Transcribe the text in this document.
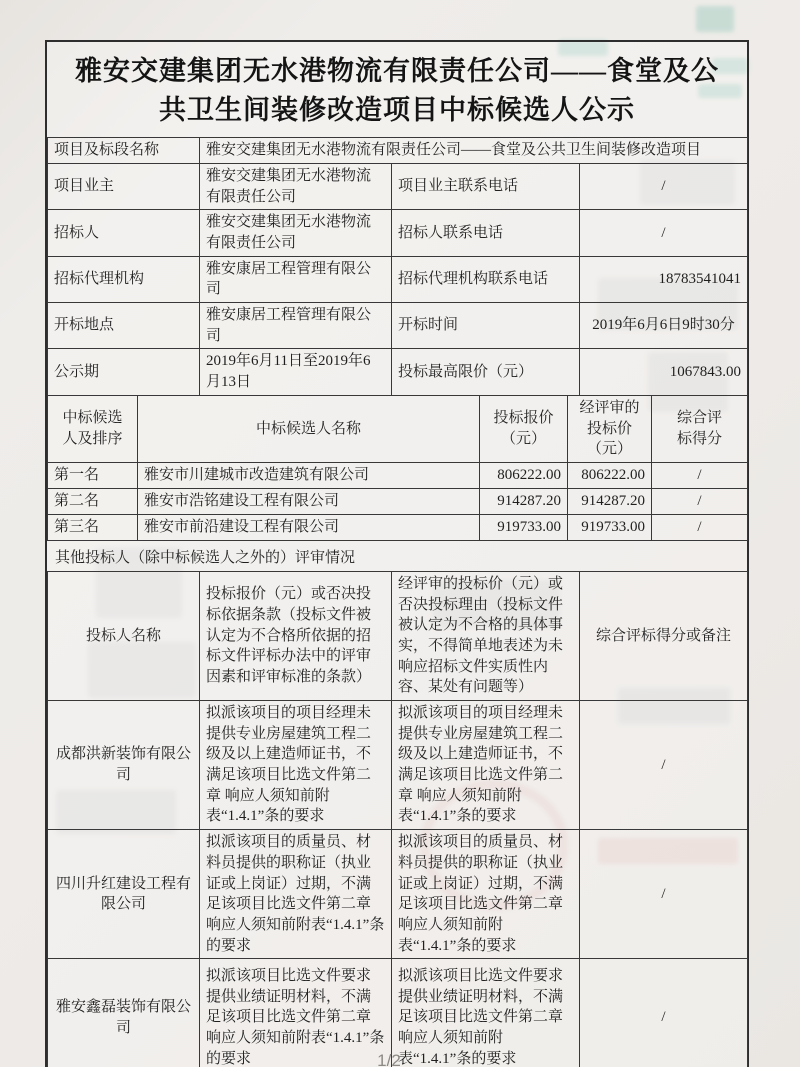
雅安交建集团无水港物流有限责任公司——食堂及公共卫生间装修改造项目中标候选人公示
项目及标段名称	雅安交建集团无水港物流有限责任公司——食堂及公共卫生间装修改造项目		
项目业主	雅安交建集团无水港物流有限责任公司	项目业主联系电话	/
招标人	雅安交建集团无水港物流有限责任公司	招标人联系电话	/
招标代理机构	雅安康居工程管理有限公司	招标代理机构联系电话	18783541041
开标地点	雅安康居工程管理有限公司	开标时间	2019年6月6日9时30分
公示期	2019年6月11日至2019年6月13日	投标最高限价（元）	1067843.00
中标候选人及排序	中标候选人名称	投标报价（元）	经评审的投标价（元）	综合评标得分
第一名	雅安市川建城市改造建筑有限公司	806222.00	806222.00	/
第二名	雅安市浩铭建设工程有限公司	914287.20	914287.20	/
第三名	雅安市前沿建设工程有限公司	919733.00	919733.00	/
其他投标人（除中标候选人之外的）评审情况
投标人名称	投标报价（元）或否决投标依据条款（投标文件被认定为不合格所依据的招标文件评标办法中的评审因素和评审标准的条款）	经评审的投标价（元）或否决投标理由（投标文件被认定为不合格的具体事实，不得简单地表述为未响应招标文件实质性内容、某处有问题等）	综合评标得分或备注
成都洪新装饰有限公司	拟派该项目的项目经理未提供专业房屋建筑工程二级及以上建造师证书，不满足该项目比选文件第二章 响应人须知前附表“1.4.1”条的要求	拟派该项目的项目经理未提供专业房屋建筑工程二级及以上建造师证书，不满足该项目比选文件第二章 响应人须知前附表“1.4.1”条的要求	/
四川升红建设工程有限公司	拟派该项目的质量员、材料员提供的职称证（执业证或上岗证）过期，不满足该项目比选文件第二章 响应人须知前附表“1.4.1”条的要求	拟派该项目的质量员、材料员提供的职称证（执业证或上岗证）过期，不满足该项目比选文件第二章 响应人须知前附表“1.4.1”条的要求	/
雅安鑫磊装饰有限公司	拟派该项目比选文件要求提供业绩证明材料，不满足该项目比选文件第二章 响应人须知前附表“1.4.1”条的要求	拟派该项目比选文件要求提供业绩证明材料，不满足该项目比选文件第二章 响应人须知前附表“1.4.1”条的要求	/
1/2
